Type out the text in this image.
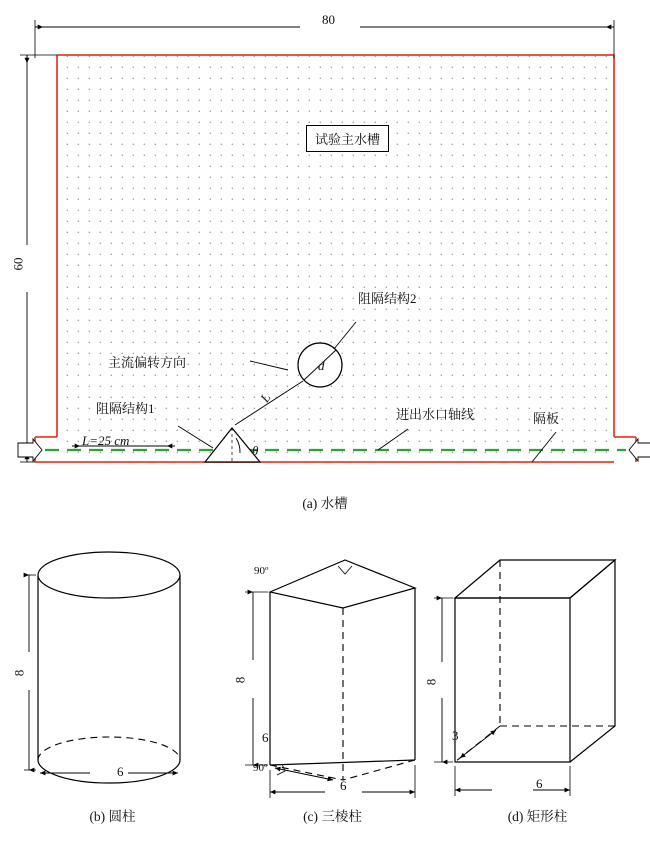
80
60
试验主水槽
阻隔结构2
主流偏转方向
阻隔结构1	进出水口轴线	隔板
L=25 cm
θ
d
L
(a) 水槽
8
6
(b) 圆柱
8
6
6
90º
90º
(c) 三棱柱
8
6
3
(d) 矩形柱
